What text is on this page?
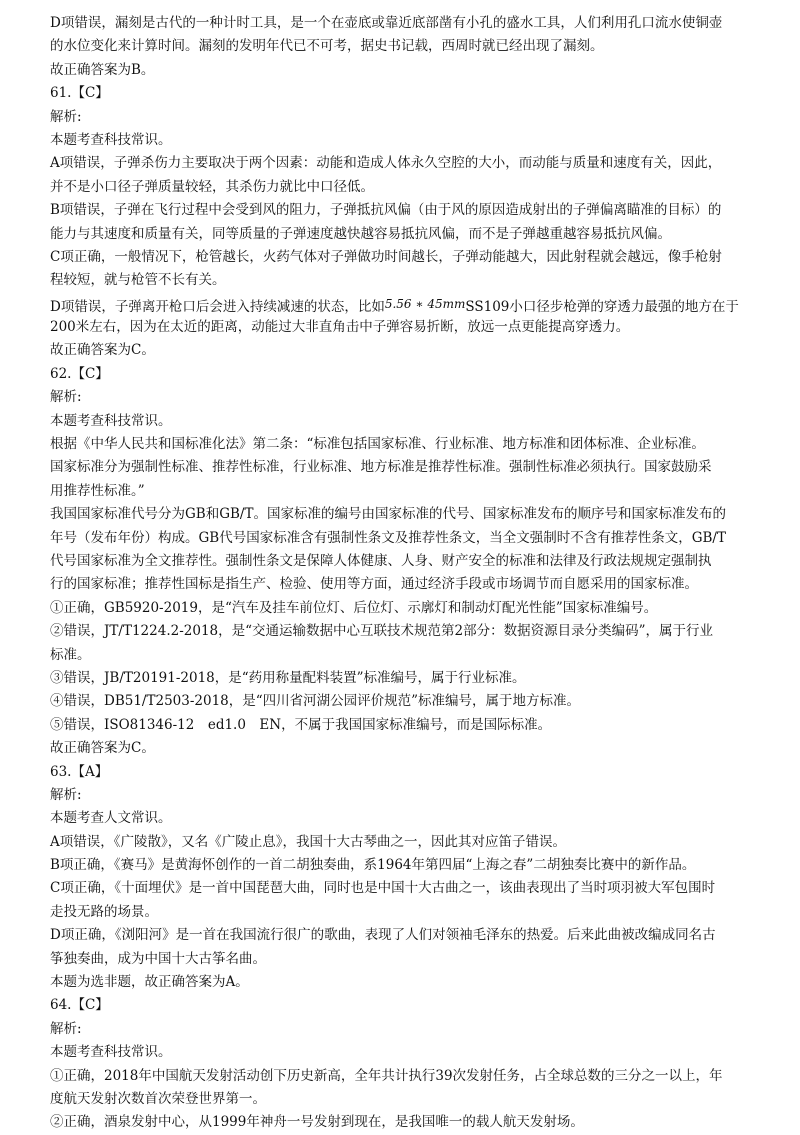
D项错误，漏刻是古代的一种计时工具，是一个在壶底或靠近底部凿有小孔的盛水工具，人们利用孔口流水使铜壶
的水位变化来计算时间。漏刻的发明年代已不可考，据史书记载，西周时就已经出现了漏刻。
故正确答案为B。
61.【C】
解析:
本题考查科技常识。
A项错误，子弹杀伤力主要取决于两个因素：动能和造成人体永久空腔的大小，而动能与质量和速度有关，因此，
并不是小口径子弹质量较轻，其杀伤力就比中口径低。
B项错误，子弹在飞行过程中会受到风的阻力，子弹抵抗风偏（由于风的原因造成射出的子弹偏离瞄准的目标）的
能力与其速度和质量有关，同等质量的子弹速度越快越容易抵抗风偏，而不是子弹越重越容易抵抗风偏。
C项正确，一般情况下，枪管越长，火药气体对子弹做功时间越长，子弹动能越大，因此射程就会越远，像手枪射
程较短，就与枪管不长有关。
D项错误，子弹离开枪口后会进入持续减速的状态，比如5.56 ∗ 45mmSS109小口径步枪弹的穿透力最强的地方在于
200米左右，因为在太近的距离，动能过大非直角击中子弹容易折断，放远一点更能提高穿透力。
故正确答案为C。
62.【C】
解析:
本题考查科技常识。
根据《中华人民共和国标准化法》第二条：“标准包括国家标准、行业标准、地方标准和团体标准、企业标准。
国家标准分为强制性标准、推荐性标准，行业标准、地方标准是推荐性标准。强制性标准必须执行。国家鼓励采
用推荐性标准。”
我国国家标准代号分为GB和GB/T。国家标准的编号由国家标准的代号、国家标准发布的顺序号和国家标准发布的
年号（发布年份）构成。GB代号国家标准含有强制性条文及推荐性条文，当全文强制时不含有推荐性条文，GB/T
代号国家标准为全文推荐性。强制性条文是保障人体健康、人身、财产安全的标准和法律及行政法规规定强制执
行的国家标准；推荐性国标是指生产、检验、使用等方面，通过经济手段或市场调节而自愿采用的国家标准。
①正确，GB5920-2019，是“汽车及挂车前位灯、后位灯、示廓灯和制动灯配光性能”国家标准编号。
②错误，JT/T1224.2-2018，是“交通运输数据中心互联技术规范第2部分：数据资源目录分类编码”，属于行业
标准。
③错误，JB/T20191-2018，是“药用称量配料装置”标准编号，属于行业标准。
④错误，DB51/T2503-2018，是“四川省河湖公园评价规范”标准编号，属于地方标准。
⑤错误，ISO81346-12　ed1.0　EN，不属于我国国家标准编号，而是国际标准。
故正确答案为C。
63.【A】
解析:
本题考查人文常识。
A项错误，《广陵散》，又名《广陵止息》，我国十大古琴曲之一，因此其对应笛子错误。
B项正确，《赛马》是黄海怀创作的一首二胡独奏曲，系1964年第四届“上海之春”二胡独奏比赛中的新作品。
C项正确，《十面埋伏》是一首中国琵琶大曲，同时也是中国十大古曲之一，该曲表现出了当时项羽被大军包围时
走投无路的场景。
D项正确，《浏阳河》是一首在我国流行很广的歌曲，表现了人们对领袖毛泽东的热爱。后来此曲被改编成同名古
筝独奏曲，成为中国十大古筝名曲。
本题为选非题，故正确答案为A。
64.【C】
解析:
本题考查科技常识。
①正确，2018年中国航天发射活动创下历史新高，全年共计执行39次发射任务，占全球总数的三分之一以上，年
度航天发射次数首次荣登世界第一。
②正确，酒泉发射中心，从1999年神舟一号发射到现在，是我国唯一的载人航天发射场。
